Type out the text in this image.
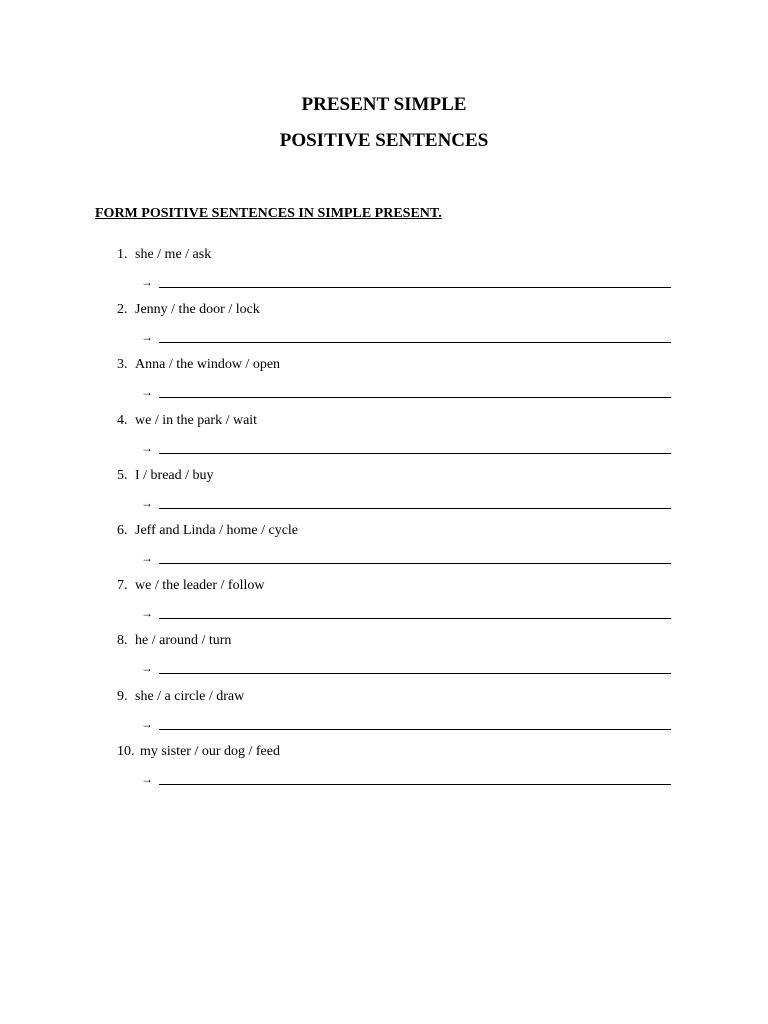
PRESENT SIMPLE
POSITIVE SENTENCES
FORM POSITIVE SENTENCES IN SIMPLE PRESENT.
1. she / me / ask
→
2. Jenny / the door / lock
→
3. Anna / the window / open
→
4. we / in the park / wait
→
5. I / bread / buy
→
6. Jeff and Linda / home / cycle
→
7. we / the leader / follow
→
8. he / around / turn
→
9. she / a circle / draw
→
10. my sister / our dog / feed
→
